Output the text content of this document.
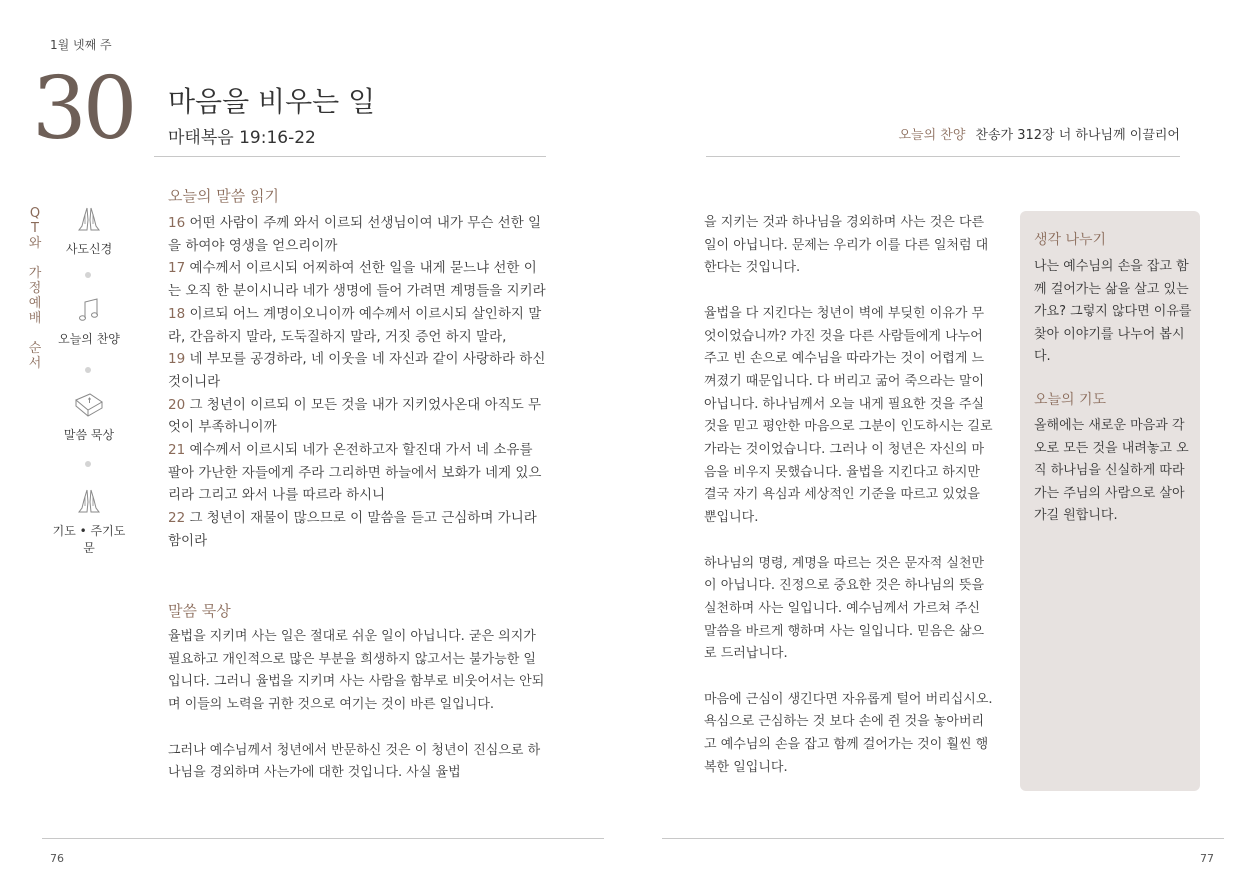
1월 넷째 주
30 마음을 비우는 일
마태복음 19:16-22	오늘의 찬양 찬송가 312장 너 하나님께 이끌리어
Q
T
와

가
정
예
배

순
서
사도신경
오늘의 찬양
말씀 묵상
기도 • 주기도문
오늘의 말씀 읽기

16 어떤 사람이 주께 와서 이르되 선생님이여 내가 무슨 선한 일을 하여야 영생을 얻으리이까

17 예수께서 이르시되 어찌하여 선한 일을 내게 묻느냐 선한 이는 오직 한 분이시니라 네가 생명에 들어 가려면 계명들을 지키라

18 이르되 어느 계명이오니이까 예수께서 이르시되 살인하지 말라, 간음하지 말라, 도둑질하지 말라, 거짓 증언 하지 말라,

19 네 부모를 공경하라, 네 이웃을 네 자신과 같이 사랑하라 하신 것이니라

20 그 청년이 이르되 이 모든 것을 내가 지키었사온대 아직도 무엇이 부족하니이까

21 예수께서 이르시되 네가 온전하고자 할진대 가서 네 소유를 팔아 가난한 자들에게 주라 그리하면 하늘에서 보화가 네게 있으리라 그리고 와서 나를 따르라 하시니

22 그 청년이 재물이 많으므로 이 말씀을 듣고 근심하며 가니라함이라

말씀 묵상

율법을 지키며 사는 일은 절대로 쉬운 일이 아닙니다. 굳은 의지가 필요하고 개인적으로 많은 부분을 희생하지 않고서는 불가능한 일입니다. 그러니 율법을 지키며 사는 사람을 함부로 비웃어서는 안되며 이들의 노력을 귀한 것으로 여기는 것이 바른 일입니다.

그러나 예수님께서 청년에서 반문하신 것은 이 청년이 진심으로 하나님을 경외하며 사는가에 대한 것입니다. 사실 율법

을 지키는 것과 하나님을 경외하며 사는 것은 다른 일이 아닙니다. 문제는 우리가 이를 다른 일처럼 대한다는 것입니다.

율법을 다 지킨다는 청년이 벽에 부딪힌 이유가 무엇이었습니까? 가진 것을 다른 사람들에게 나누어 주고 빈 손으로 예수님을 따라가는 것이 어렵게 느껴졌기 때문입니다. 다 버리고 굶어 죽으라는 말이 아닙니다. 하나님께서 오늘 내게 필요한 것을 주실 것을 믿고 평안한 마음으로 그분이 인도하시는 길로 가라는 것이었습니다. 그러나 이 청년은 자신의 마음을 비우지 못했습니다. 율법을 지킨다고 하지만 결국 자기 욕심과 세상적인 기준을 따르고 있었을 뿐입니다.

하나님의 명령, 계명을 따르는 것은 문자적 실천만이 아닙니다. 진정으로 중요한 것은 하나님의 뜻을 실천하며 사는 일입니다. 예수님께서 가르쳐 주신 말씀을 바르게 행하며 사는 일입니다. 믿음은 삶으로 드러납니다.

마음에 근심이 생긴다면 자유롭게 털어 버리십시오. 욕심으로 근심하는 것 보다 손에 쥔 것을 놓아버리고 예수님의 손을 잡고 함께 걸어가는 것이 훨씬 행복한 일입니다.

생각 나누기
나는 예수님의 손을 잡고 함께 걸어가는 삶을 살고 있는가요? 그렇지 않다면 이유를 찾아 이야기를 나누어 봅시다.
오늘의 기도
올해에는 새로운 마음과 각오로 모든 것을 내려놓고 오직 하나님을 신실하게 따라가는 주님의 사람으로 살아가길 원합니다.
76	77
